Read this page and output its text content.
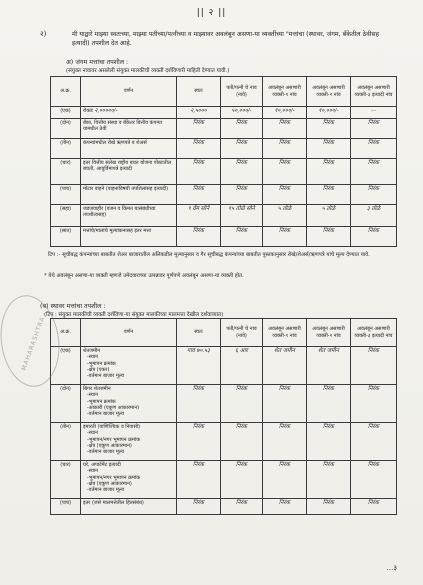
|| २ ||
२)	मी याद्वारे माझ्या स्वतःच्या, माझ्या पतीच्या/पत्नीच्या व माझ्यावर अवलंबून असणा-या व्यक्तींच्या "मत्तांचा (स्थावर, जंगम, बँकेतील ठेवीसह इत्यादी) तपशील देत आहे.
अ) जंगम मत्तांचा तपशील :
(संयुक्त नावावर असलेली संयुक्त मालकीची व्यक्ती दर्शविणारी माहिती देण्यात यावी.)
अ.क्र.	वर्णन	स्वतः	पती/पत्नी चे नाव (नावे)	अवलंबून असणारी व्यक्ती-१ नांव	अवलंबून असणारी व्यक्ती-२ नांव	अवलंबून असणारी व्यक्ती-३ इत्यादी नांव
(एक)	रोकड २,०००००/-	२,५०००	५०,०००/-	१०,०००/-	१०,०००/-	—
(दोन)	बँका, वित्तीय संस्था व बँकेतर वित्तीय कंपन्या यामधील ठेवी	निरंक	निरंक	निरंक	निरंक	निरंक
(तीन)	कंपन्यांमधील रोखे ऋणपत्रे व शेअर्स	निरंक	निरंक	निरंक	निरंक	निरंक
(चार)	इतर वित्तीय संलेख राष्ट्रीय बचत योजना पोस्टातील बचती, आयुर्विमापत्रे इत्यादी	निरंक	निरंक	निरंक	निरंक	निरंक
(पाच)	मोटार वाहने (वाहनाविषयी तपशिलांसह इत्यादी)	निरंक	निरंक	निरंक	निरंक	निरंक
(सहा)	जडजवाहीर (वजन व किंमत यासंबंधीच्या तपशीलासह)	९ ग्रॅम सोने	१५ तोळे सोने	५ तोळे	५ तोळे	३ तोळे
(सात)	मत्तांचे/मालांचे मूल्यांकनासह इतर मत्ता	निरंक	निरंक	निरंक	निरंक	निरंक
टिप :- सूचीबद्ध कंपन्यांच्या बाबतीत शेअर बाजारातील अलिकडील मूल्यानुसार व गैर सूचीबद्ध कंपन्यांच्या बाबतीत पुस्तकानुसार रोखे/शेअर्स/ऋणपत्रे यांचे मूल्य देण्यात यावे.
* येथे अवलंबून असणा-या व्यक्ती म्हणजे उमेदवाराच्या उत्पन्नावर पूर्णपणे अवलंबून असणा-या व्यक्ती होत.
(ब) स्थावर मत्तांचा तपशील :
(टिप : संयुक्त मालकीची व्यक्ती दर्शविणा-या संयुक्त मालकीच्या मालमत्ता देखील दर्शवाव्यात)
अ.क्र.	वर्णन	स्वतः	पती/पत्नी चे नाव (नावे)	अवलंबून असणारी व्यक्ती-१ नांव	अवलंबून असणारी व्यक्ती-२ नांव	अवलंबून असणारी व्यक्ती-३ इत्यादी नांव
(एक)	शेतजमीन
-स्थान
-भूमापन क्रमांक
-क्षेत्र (एकर)
-वर्तमान बाजार मूल्य	गाव ७०.५३	६ आर	शेत जमीन	शेत जमीन	निरंक
(दोन)	बिगर शेतजमीन
-स्थान
-भूमापन क्रमांक
-आकारी (एकूण आकारमान)
-वर्तमान बाजार मूल्य	निरंक	निरंक	निरंक	निरंक	निरंक
(तीन)	इमारती (वाणिज्यिक व निवासी)
-स्थान
-भूमापन/नगर भूमापन क्रमांक
-क्षेत्र (एकूण आकारमान)
-वर्तमान बाजार मूल्य	निरंक	निरंक	निरंक	निरंक	निरंक
(चार)	घरे, अपार्टमेंट इत्यादी
-स्थान
-भूमापन/नगर भूमापन क्रमांक
-क्षेत्र (एकूण आकारमान)
-वर्तमान बाजार मूल्य	निरंक	निरंक	निरंक	निरंक	निरंक
(पाच)	इतर (जसे मालमत्तेतील हितसंबंध)	निरंक	निरंक	निरंक	निरंक	निरंक
MAHARASHTRA
...३
